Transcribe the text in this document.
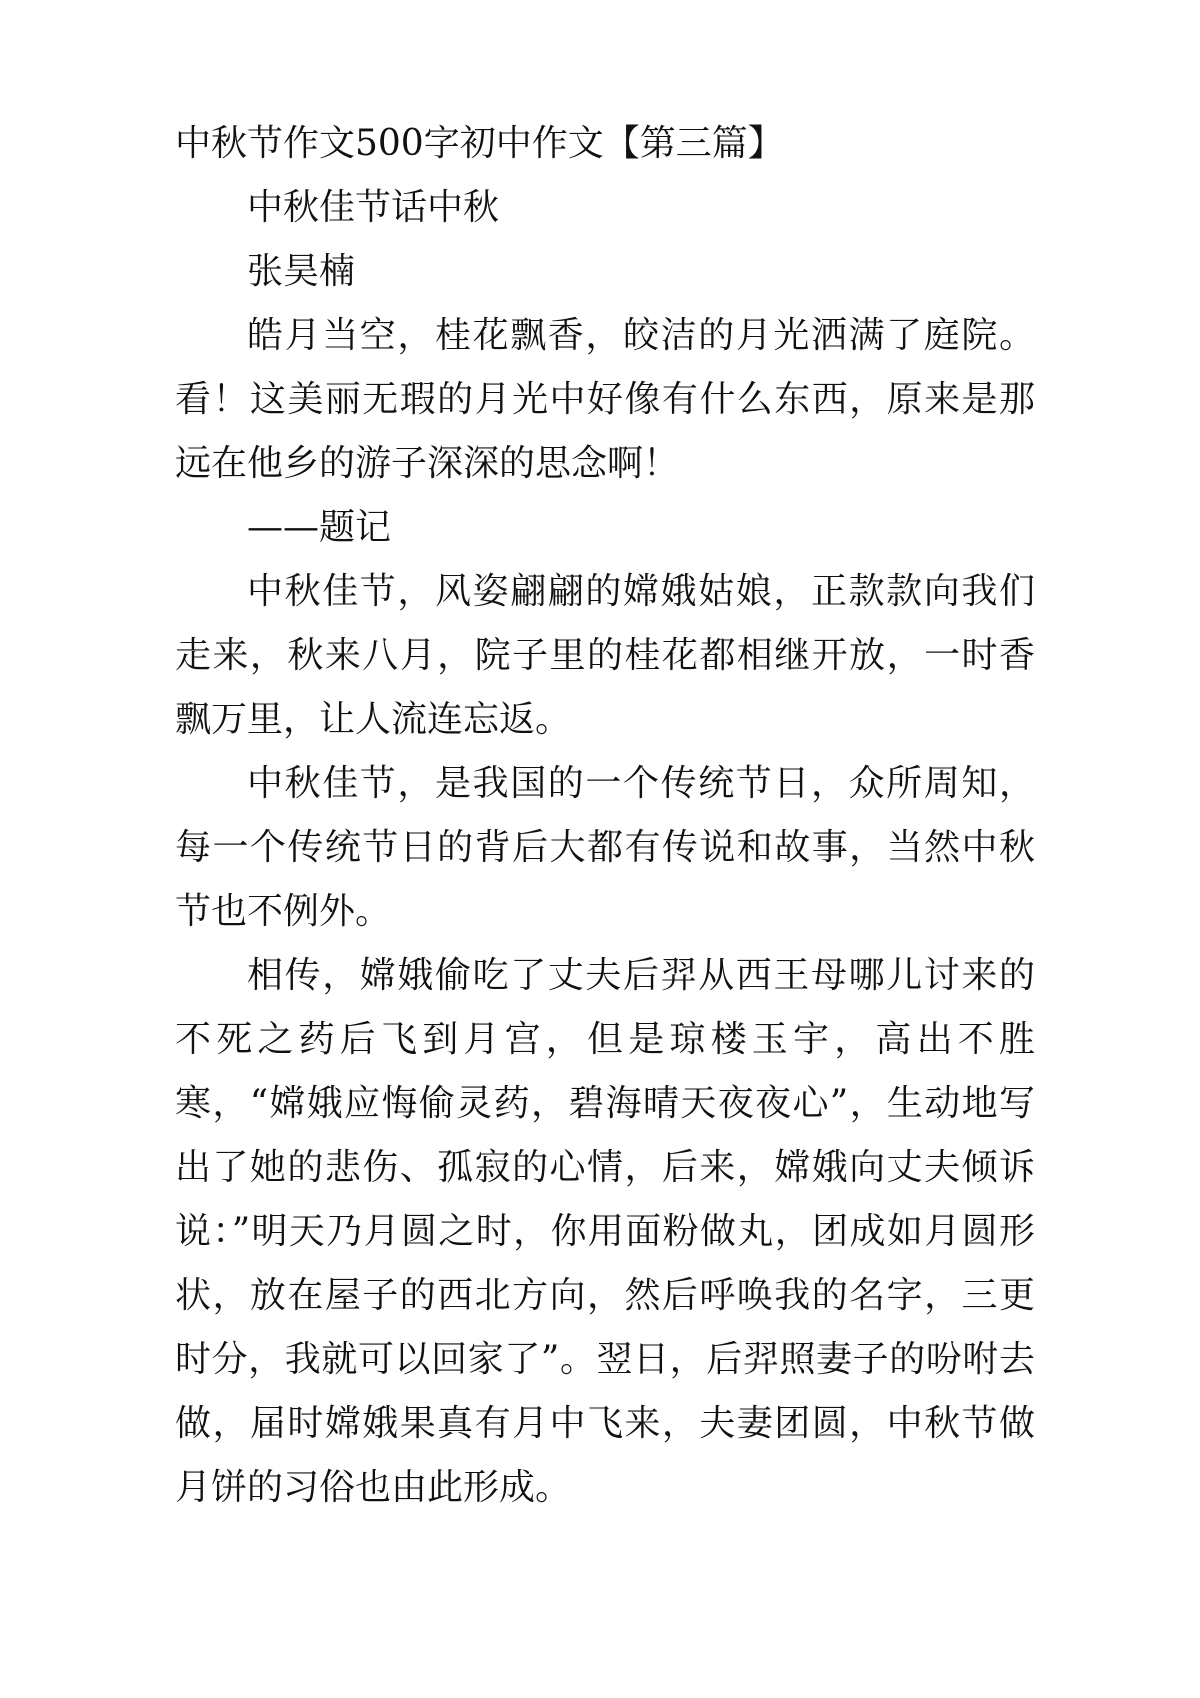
中秋节作文500字初中作文【第三篇】

中秋佳节话中秋

张昊楠

皓月当空，桂花飘香，皎洁的月光洒满了庭院。看！这美丽无瑕的月光中好像有什么东西，原来是那远在他乡的游子深深的思念啊！

——题记

中秋佳节，风姿翩翩的嫦娥姑娘，正款款向我们走来，秋来八月，院子里的桂花都相继开放，一时香飘万里，让人流连忘返。

中秋佳节，是我国的一个传统节日，众所周知，每一个传统节日的背后大都有传说和故事，当然中秋节也不例外。

相传，嫦娥偷吃了丈夫后羿从西王母哪儿讨来的不死之药后飞到月宫，但是琼楼玉宇，高出不胜寒，“嫦娥应悔偷灵药，碧海晴天夜夜心”，生动地写出了她的悲伤、孤寂的心情，后来，嫦娥向丈夫倾诉说：”明天乃月圆之时，你用面粉做丸，团成如月圆形状，放在屋子的西北方向，然后呼唤我的名字，三更时分，我就可以回家了”。翌日，后羿照妻子的吩咐去做，届时嫦娥果真有月中飞来，夫妻团圆，中秋节做月饼的习俗也由此形成。
